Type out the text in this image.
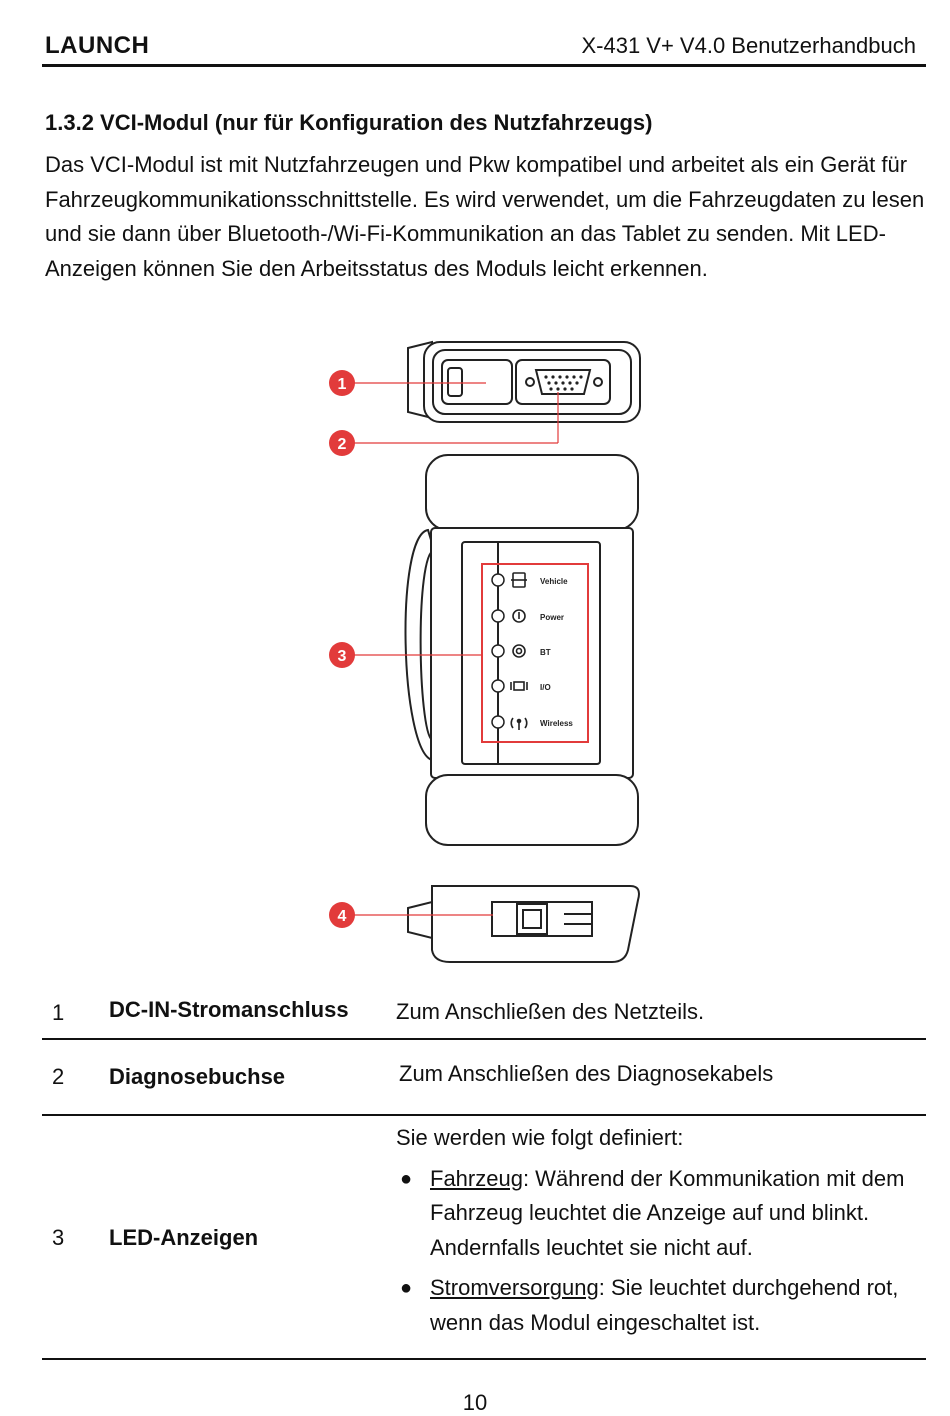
LAUNCH	X-431 V+ V4.0 Benutzerhandbuch
1.3.2 VCI-Modul (nur für Konfiguration des Nutzfahrzeugs)

Das VCI-Modul ist mit Nutzfahrzeugen und Pkw kompatibel und arbeitet als ein Gerät für Fahrzeugkommunikationsschnittstelle. Es wird verwendet, um die Fahrzeugdaten zu lesen und sie dann über Bluetooth-/Wi-Fi-Kommunikation an das Tablet zu senden. Mit LED-Anzeigen können Sie den Arbeitsstatus des Moduls leicht erkennen.

Vehicle
Power
BT
I/O
Wireless
1
2
3
4
1 DC-IN-Stromanschluss Zum Anschließen des Netzteils.
2 Diagnosebuchse	Zum Anschließen des Diagnosekabels
3 LED-Anzeigen
Sie werden wie folgt definiert:
● Fahrzeug: Während der Kommunikation mit dem Fahrzeug leuchtet die Anzeige auf und blinkt. Andernfalls leuchtet sie nicht auf.
● Stromversorgung: Sie leuchtet durchgehend rot, wenn das Modul eingeschaltet ist.
10
